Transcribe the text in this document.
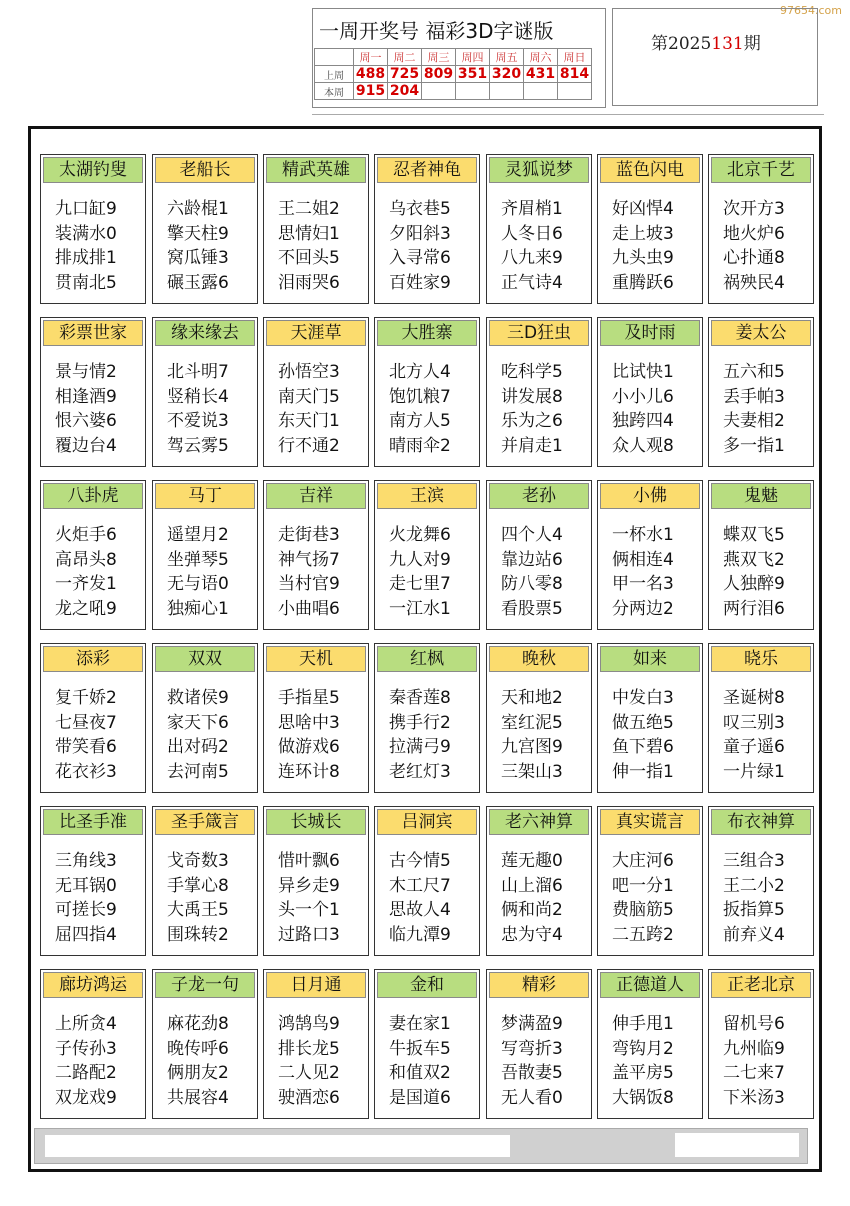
97654.com
一周开奖号 福彩3D字谜版
	周一	周二	周三	周四	周五	周六	周日
上周	488	725	809	351	320	431	814
本周	915	204					
第2025131期
太湖钓叟
九口缸9
装满水0
排成排1
贯南北5
老船长
六龄棍1
擎天柱9
窝瓜锤3
碾玉露6
精武英雄
王二姐2
思情妇1
不回头5
泪雨哭6
忍者神龟
乌衣巷5
夕阳斜3
入寻常6
百姓家9
灵狐说梦
齐眉梢1
人冬日6
八九来9
正气诗4
蓝色闪电
好凶悍4
走上坡3
九头虫9
重腾跃6
北京千艺
次开方3
地火炉6
心扑通8
祸殃民4
彩票世家
景与情2
相逢酒9
恨六婆6
覆边台4
缘来缘去
北斗明7
竖稍长4
不爱说3
驾云雾5
天涯草
孙悟空3
南天门5
东天门1
行不通2
大胜寨
北方人4
饱饥粮7
南方人5
晴雨伞2
三D狂虫
吃科学5
讲发展8
乐为之6
并肩走1
及时雨
比试快1
小小儿6
独跨四4
众人观8
姜太公
五六和5
丢手帕3
夫妻相2
多一指1
八卦虎
火炬手6
高昂头8
一齐发1
龙之吼9
马丁
遥望月2
坐弹琴5
无与语0
独痴心1
吉祥
走街巷3
神气扬7
当村官9
小曲唱6
王滨
火龙舞6
九人对9
走七里7
一江水1
老孙
四个人4
靠边站6
防八零8
看股票5
小佛
一杯水1
俩相连4
甲一名3
分两边2
鬼魅
蝶双飞5
燕双飞2
人独醉9
两行泪6
添彩
复千娇2
七昼夜7
带笑看6
花衣衫3
双双
救诸侯9
家天下6
出对码2
去河南5
天机
手指星5
思啥中3
做游戏6
连环计8
红枫
秦香莲8
携手行2
拉满弓9
老红灯3
晚秋
天和地2
室红泥5
九宫图9
三架山3
如来
中发白3
做五绝5
鱼下碧6
伸一指1
晓乐
圣诞树8
叹三别3
童子遥6
一片绿1
比圣手准
三角线3
无耳锅0
可搓长9
屈四指4
圣手箴言
戈奇数3
手掌心8
大禹王5
围珠转2
长城长
惜叶飘6
异乡走9
头一个1
过路口3
吕洞宾
古今情5
木工尺7
思故人4
临九潭9
老六神算
莲无趣0
山上溜6
俩和尚2
忠为守4
真实谎言
大庄河6
吧一分1
费脑筋5
二五跨2
布衣神算
三组合3
王二小2
扳指算5
前弃义4
廊坊鸿运
上所贪4
子传孙3
二路配2
双龙戏9
子龙一句
麻花劲8
晚传呼6
俩朋友2
共展容4
日月通
鸿鹄鸟9
排长龙5
二人见2
驶酒恋6
金和
妻在家1
牛扳车5
和值双2
是国道6
精彩
梦满盈9
写弯折3
吾散妻5
无人看0
正德道人
伸手甩1
弯钩月2
盖平房5
大锅饭8
正老北京
留机号6
九州临9
二七来7
下米汤3
